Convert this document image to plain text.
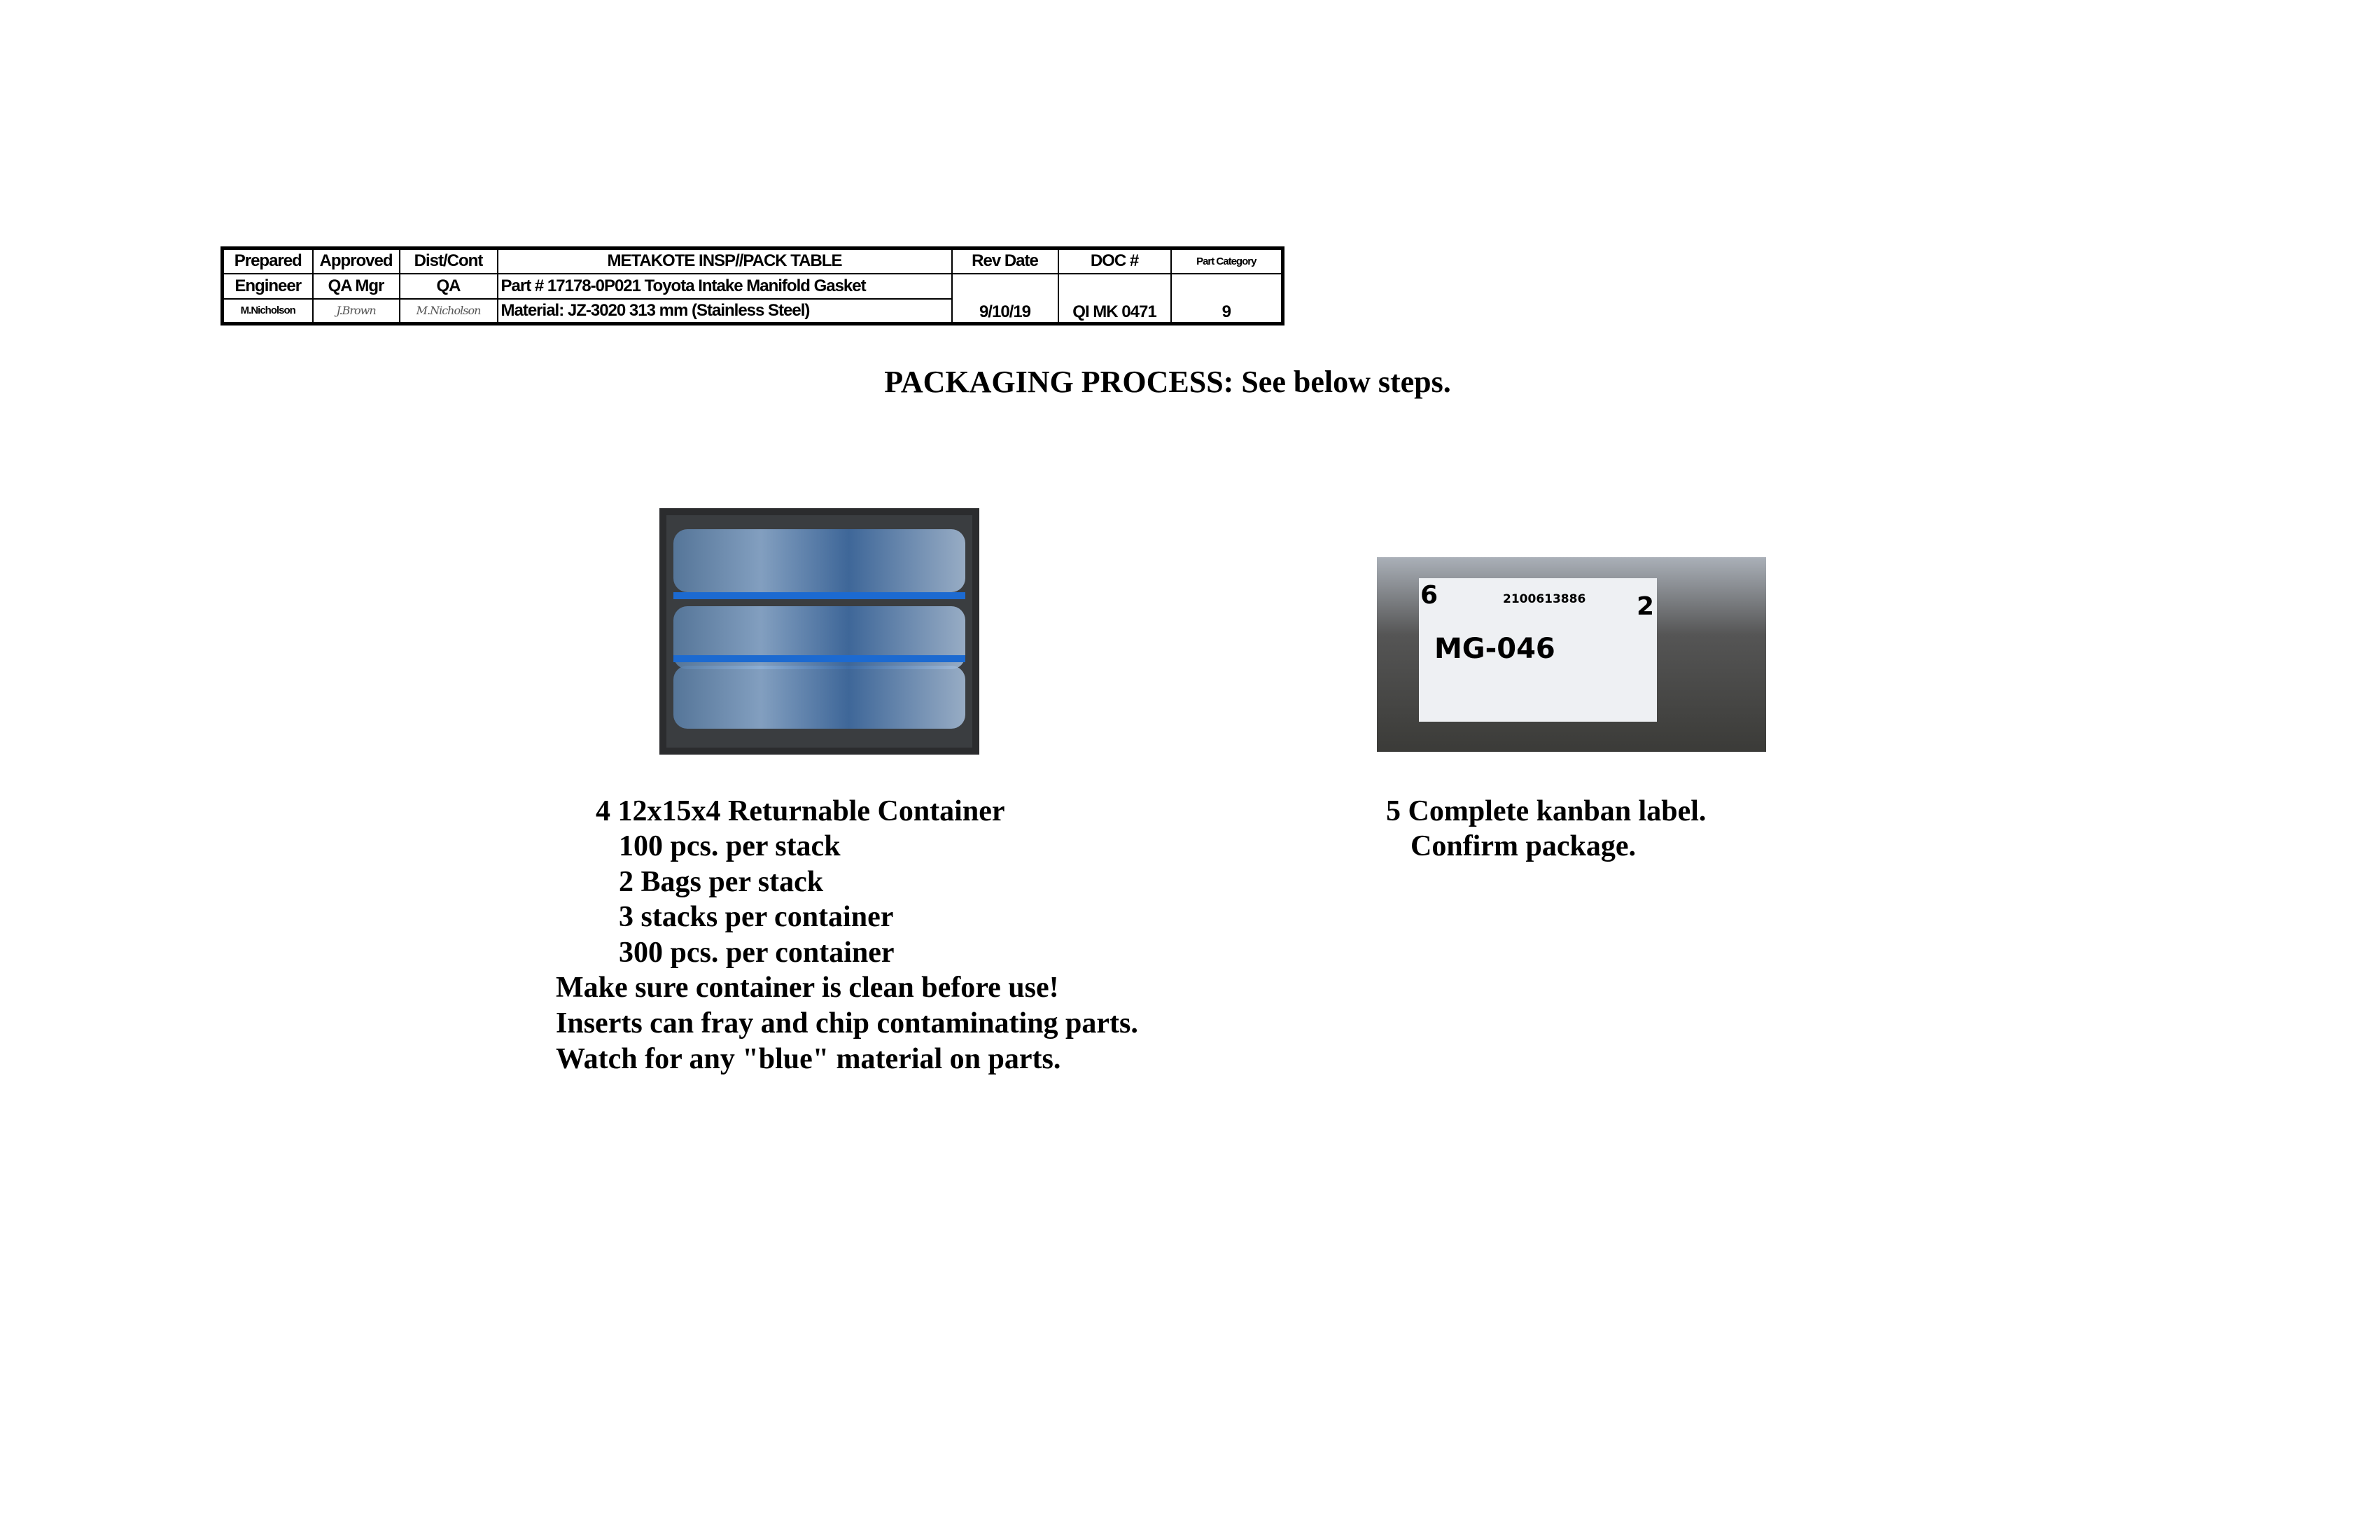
Prepared	Approved	Dist/Cont	METAKOTE INSP//PACK TABLE	Rev Date	DOC #	Part Category
Engineer	QA Mgr	QA	Part # 17178-0P021 Toyota Intake Manifold Gasket	9/10/19	QI MK 0471	9
M.Nicholson	J.Brown	M.Nicholson	Material: JZ-3020 313 mm (Stainless Steel)			
PACKAGING PROCESS: See below steps.
6	2100613886 2
MG-046
4 12x15x4 Returnable Container
100 pcs. per stack
2 Bags per stack
3 stacks per container
300 pcs. per container
Make sure container is clean before use!
Inserts can fray and chip contaminating parts.
Watch for any "blue" material on parts.
5 Complete kanban label.
Confirm package.
